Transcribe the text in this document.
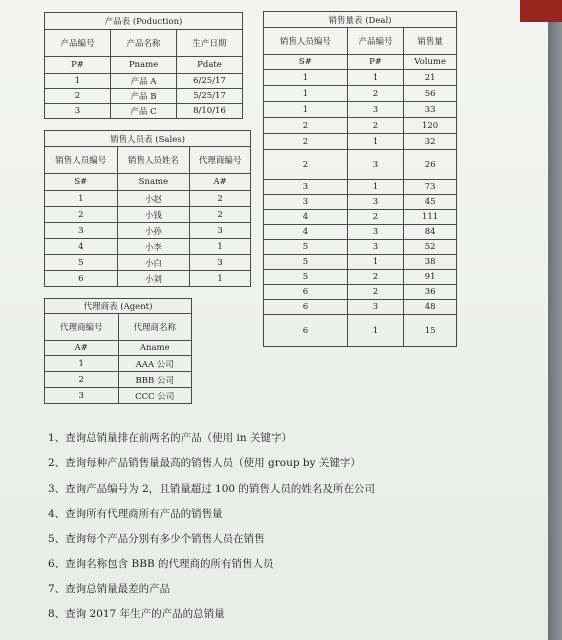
产品表 (Poduction)		
产品编号	产品名称	生产日期
P#	Pname	Pdate
1	产品 A	6/25/17
2	产品 B	5/25/17
3	产品 C	8/10/16
销售人员表 (Sales)		
销售人员编号	销售人员姓名	代理商编号
S#	Sname	A#
1	小赵	2
2	小钱	2
3	小孙	3
4	小李	1
5	小白	3
6	小刘	1
代理商表 (Agent)	
代理商编号	代理商名称
A#	Aname
1	AAA 公司
2	BBB 公司
3	CCC 公司
销售量表 (Deal)		
销售人员编号	产品编号	销售量
S#	P#	Volume
1	1	21
1	2	56
1	3	33
2	2	120
2	1	32
2	3	26
3	1	73
3	3	45
4	2	111
4	3	84
5	3	52
5	1	38
5	2	91
6	2	36
6	3	48
6	1	15
1、查询总销量排在前两名的产品（使用 in 关键字）
2、查询每种产品销售量最高的销售人员（使用 group by 关键字）
3、查询产品编号为 2，且销量超过 100 的销售人员的姓名及所在公司
4、查询所有代理商所有产品的销售量
5、查询每个产品分别有多少个销售人员在销售
6、查询名称包含 BBB 的代理商的所有销售人员
7、查询总销量最差的产品
8、查询 2017 年生产的产品的总销量
